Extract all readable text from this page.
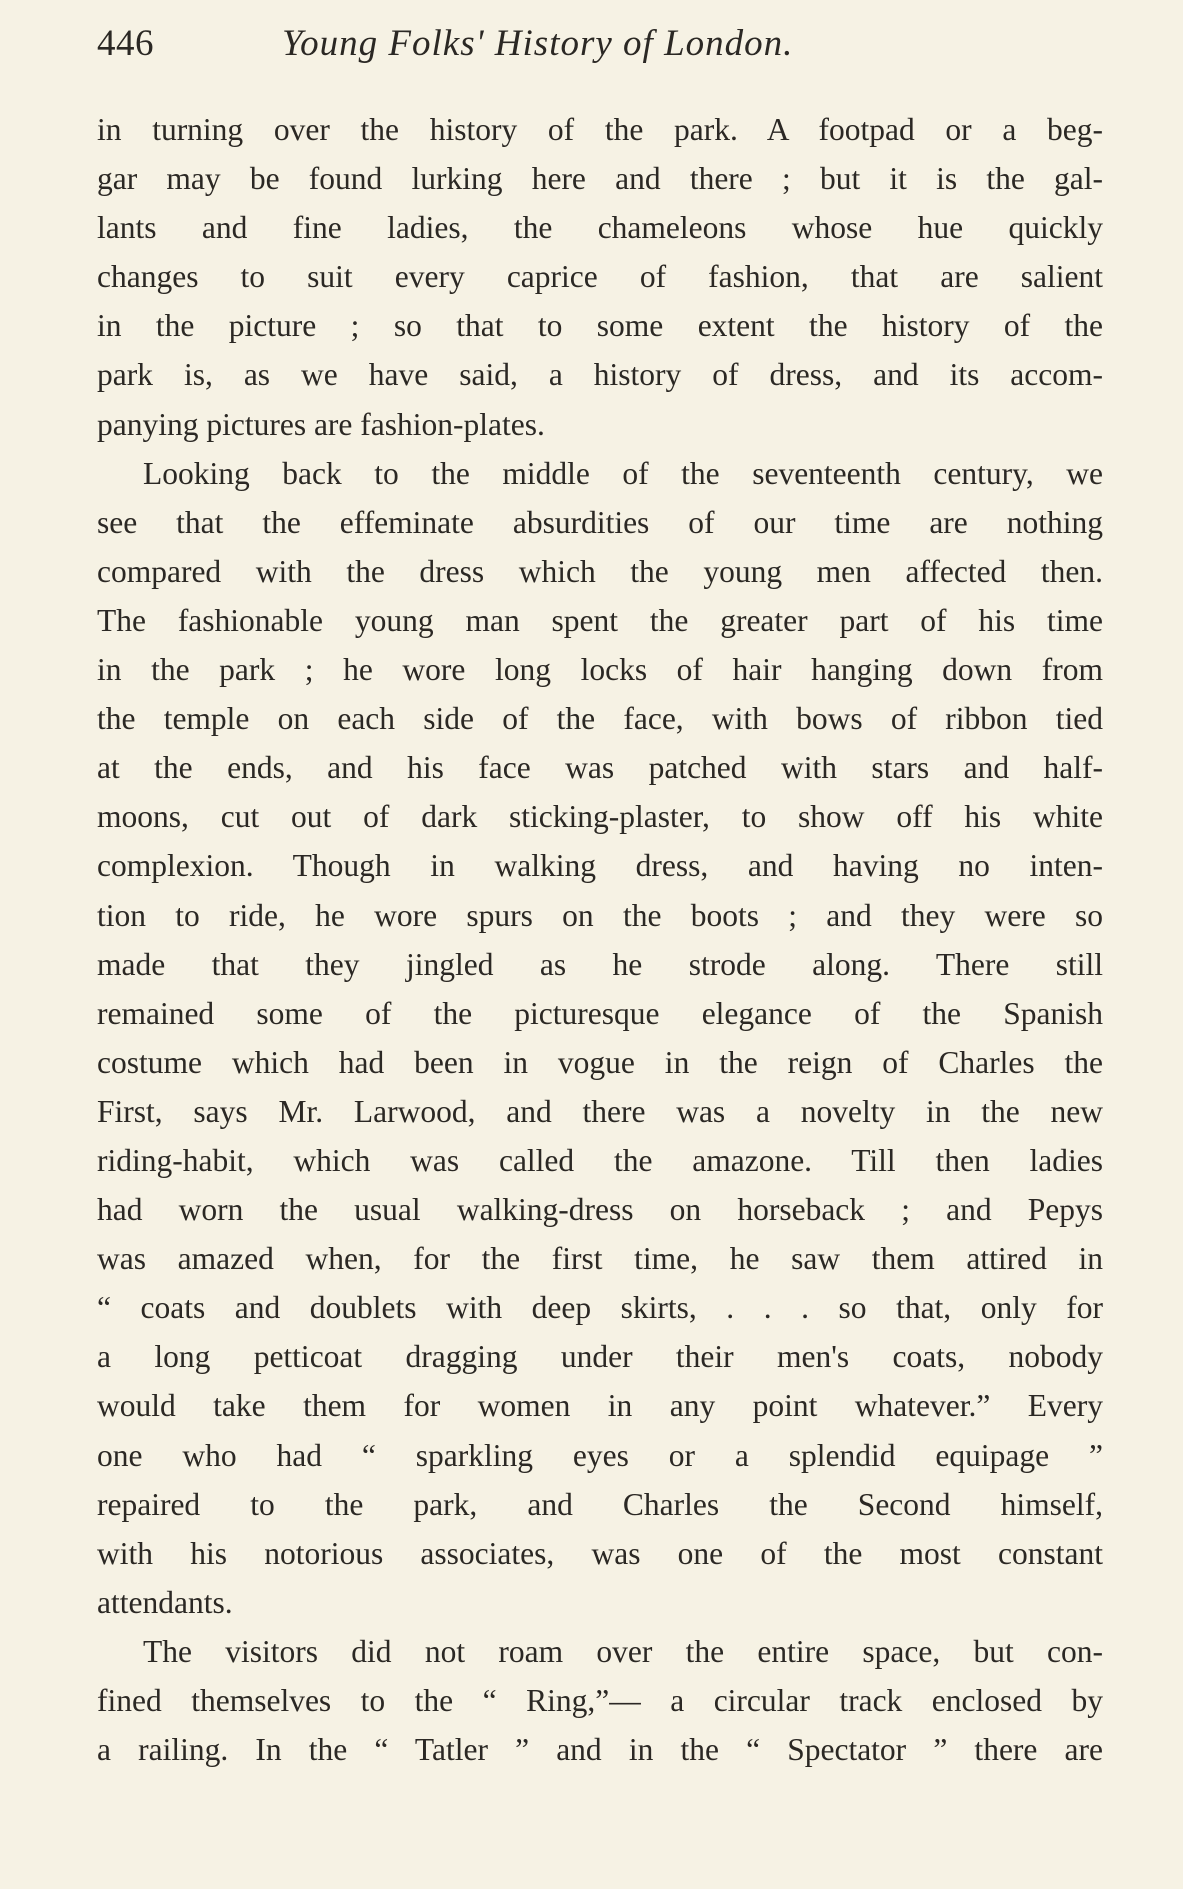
446	Young Folks' History of London.
in turning over the history of the park. A footpad or a beg-
gar may be found lurking here and there ; but it is the gal-
lants and fine ladies, the chameleons whose hue quickly
changes to suit every caprice of fashion, that are salient
in the picture ; so that to some extent the history of the
park is, as we have said, a history of dress, and its accom-
panying pictures are fashion-plates.
Looking back to the middle of the seventeenth century, we
see that the effeminate absurdities of our time are nothing
compared with the dress which the young men affected then.
The fashionable young man spent the greater part of his time
in the park ; he wore long locks of hair hanging down from
the temple on each side of the face, with bows of ribbon tied
at the ends, and his face was patched with stars and half-
moons, cut out of dark sticking-plaster, to show off his white
complexion. Though in walking dress, and having no inten-
tion to ride, he wore spurs on the boots ; and they were so
made that they jingled as he strode along. There still
remained some of the picturesque elegance of the Spanish
costume which had been in vogue in the reign of Charles the
First, says Mr. Larwood, and there was a novelty in the new
riding-habit, which was called the amazone. Till then ladies
had worn the usual walking-dress on horseback ; and Pepys
was amazed when, for the first time, he saw them attired in
“ coats and doublets with deep skirts, . . . so that, only for
a long petticoat dragging under their men's coats, nobody
would take them for women in any point whatever.” Every
one who had “ sparkling eyes or a splendid equipage ”
repaired to the park, and Charles the Second himself,
with his notorious associates, was one of the most constant
attendants.
The visitors did not roam over the entire space, but con-
fined themselves to the “ Ring,”— a circular track enclosed by
a railing. In the “ Tatler ” and in the “ Spectator ” there are
